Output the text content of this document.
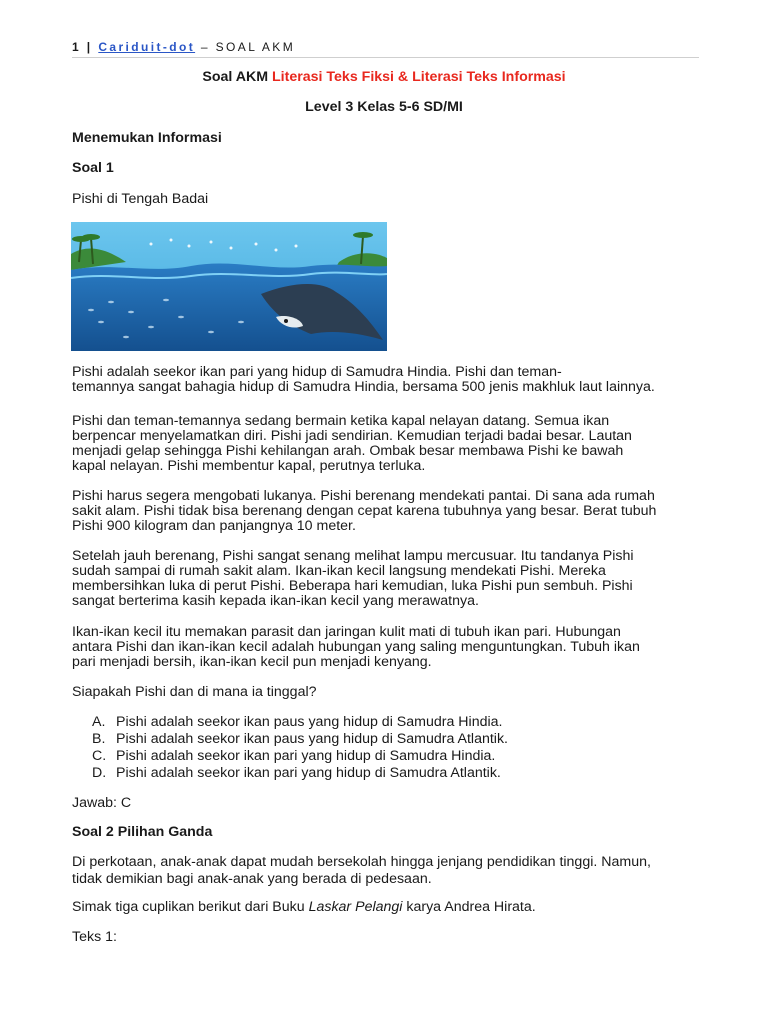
1 | Cariduit-dot – SOAL AKM
Soal AKM Literasi Teks Fiksi & Literasi Teks Informasi
Level 3 Kelas 5-6 SD/MI
Menemukan Informasi
Soal 1
Pishi di Tengah Badai
Pishi adalah seekor ikan pari yang hidup di Samudra Hindia. Pishi dan teman-
temannya sangat bahagia hidup di Samudra Hindia, bersama 500 jenis makhluk laut lainnya.
Pishi dan teman-temannya sedang bermain ketika kapal nelayan datang. Semua ikan
berpencar menyelamatkan diri. Pishi jadi sendirian. Kemudian terjadi badai besar. Lautan
menjadi gelap sehingga Pishi kehilangan arah. Ombak besar membawa Pishi ke bawah
kapal nelayan. Pishi membentur kapal, perutnya terluka.
Pishi harus segera mengobati lukanya. Pishi berenang mendekati pantai. Di sana ada rumah
sakit alam. Pishi tidak bisa berenang dengan cepat karena tubuhnya yang besar. Berat tubuh
Pishi 900 kilogram dan panjangnya 10 meter.
Setelah jauh berenang, Pishi sangat senang melihat lampu mercusuar. Itu tandanya Pishi
sudah sampai di rumah sakit alam. Ikan-ikan kecil langsung mendekati Pishi. Mereka
membersihkan luka di perut Pishi. Beberapa hari kemudian, luka Pishi pun sembuh. Pishi
sangat berterima kasih kepada ikan-ikan kecil yang merawatnya.
Ikan-ikan kecil itu memakan parasit dan jaringan kulit mati di tubuh ikan pari. Hubungan
antara Pishi dan ikan-ikan kecil adalah hubungan yang saling menguntungkan. Tubuh ikan
pari menjadi bersih, ikan-ikan kecil pun menjadi kenyang.
Siapakah Pishi dan di mana ia tinggal?
A. Pishi adalah seekor ikan paus yang hidup di Samudra Hindia.
B. Pishi adalah seekor ikan paus yang hidup di Samudra Atlantik.
C. Pishi adalah seekor ikan pari yang hidup di Samudra Hindia.
D. Pishi adalah seekor ikan pari yang hidup di Samudra Atlantik.
Jawab: C
Soal 2 Pilihan Ganda
Di perkotaan, anak-anak dapat mudah bersekolah hingga jenjang pendidikan tinggi. Namun,
tidak demikian bagi anak-anak yang berada di pedesaan.
Simak tiga cuplikan berikut dari Buku Laskar Pelangi karya Andrea Hirata.
Teks 1:
